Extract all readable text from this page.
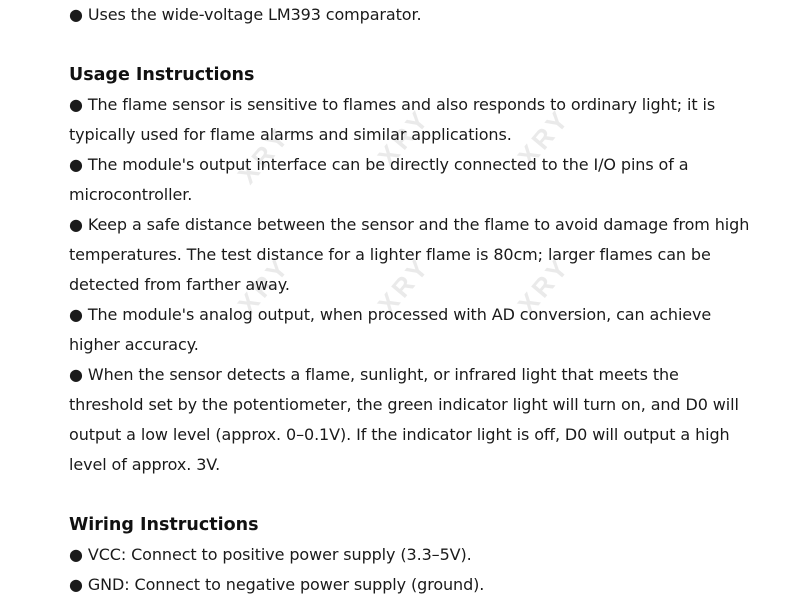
XRY	XRY	XRY
XRY	XRY	XRY
● Uses the wide-voltage LM393 comparator.
Usage Instructions
● The flame sensor is sensitive to flames and also responds to ordinary light; it is
typically used for flame alarms and similar applications.
● The module's output interface can be directly connected to the I/O pins of a
microcontroller.
● Keep a safe distance between the sensor and the flame to avoid damage from high
temperatures. The test distance for a lighter flame is 80cm; larger flames can be
detected from farther away.
● The module's analog output, when processed with AD conversion, can achieve
higher accuracy.
● When the sensor detects a flame, sunlight, or infrared light that meets the
threshold set by the potentiometer, the green indicator light will turn on, and D0 will
output a low level (approx. 0–0.1V). If the indicator light is off, D0 will output a high
level of approx. 3V.
Wiring Instructions
● VCC: Connect to positive power supply (3.3–5V).
● GND: Connect to negative power supply (ground).
